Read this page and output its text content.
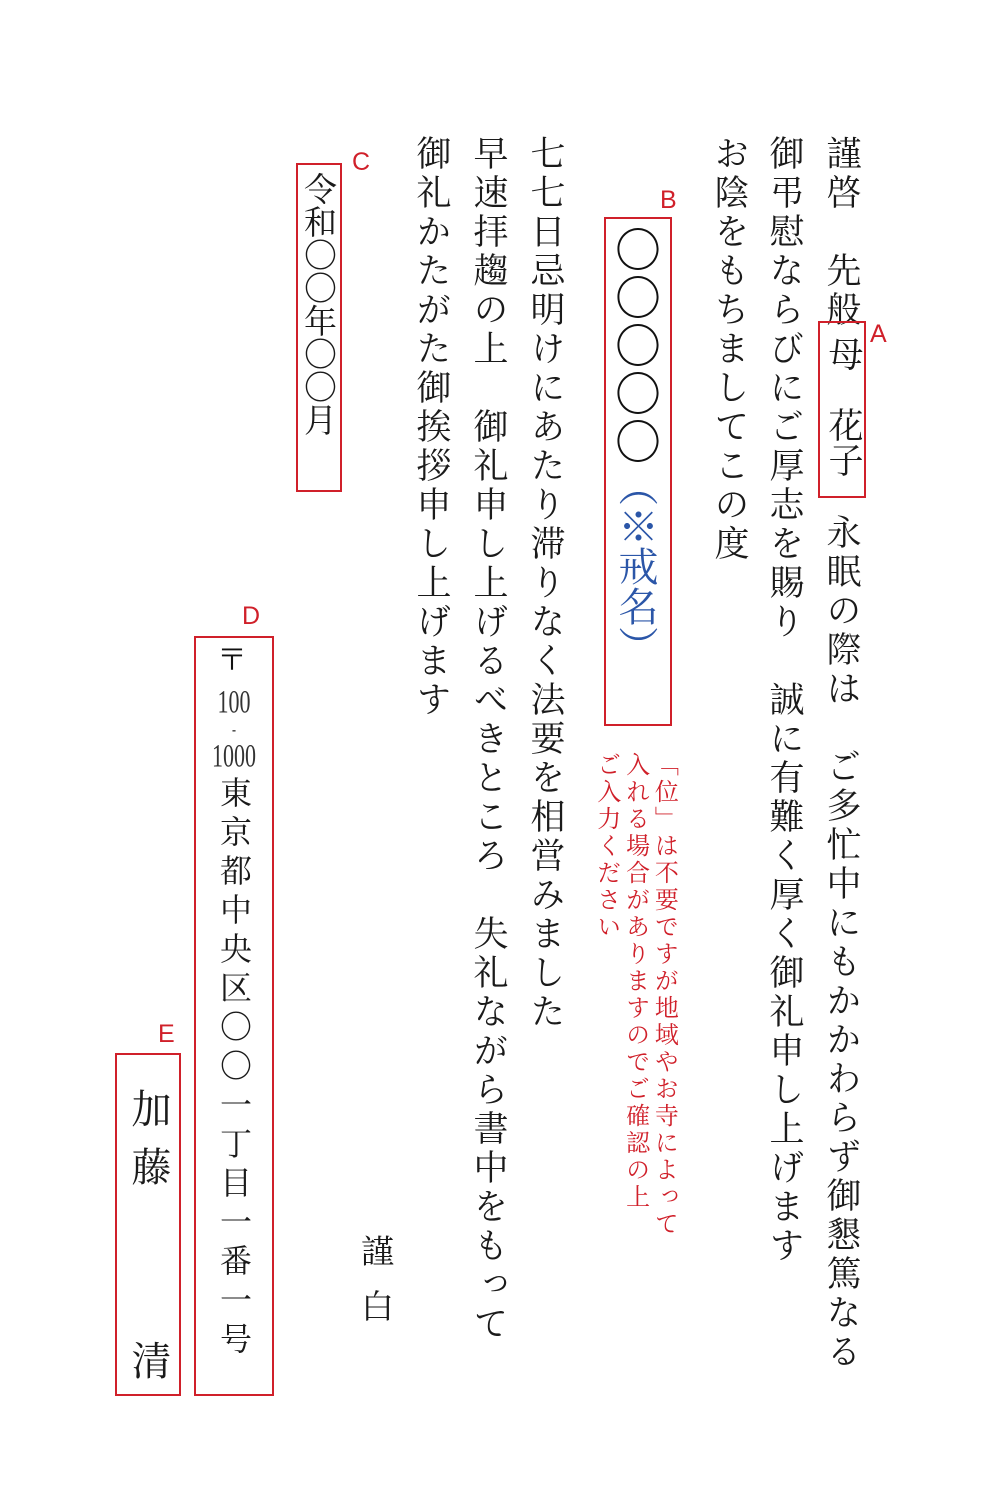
謹啓　先般
母
花子
A
永眠の際は　ご多忙中にもかかわらず御懇篤なる
御弔慰ならびにご厚志を賜り　誠に有難く厚く御礼申し上げます
お陰をもちましてこの度
B
〇〇〇〇〇（※戒名）
「位」は不要ですが地域やお寺によって
入れる場合がありますのでご確認の上
ご入力ください
七七日忌明けにあたり滞りなく法要を相営みました
早速拝趨の上　御礼申し上げるべきところ　失礼ながら書中をもって
御礼かたがた御挨拶申し上げます
謹白
C
令和〇〇年〇〇月
D
〒
100
-
1000
東京都中央区〇〇一丁目一番一号
E
加藤
清
